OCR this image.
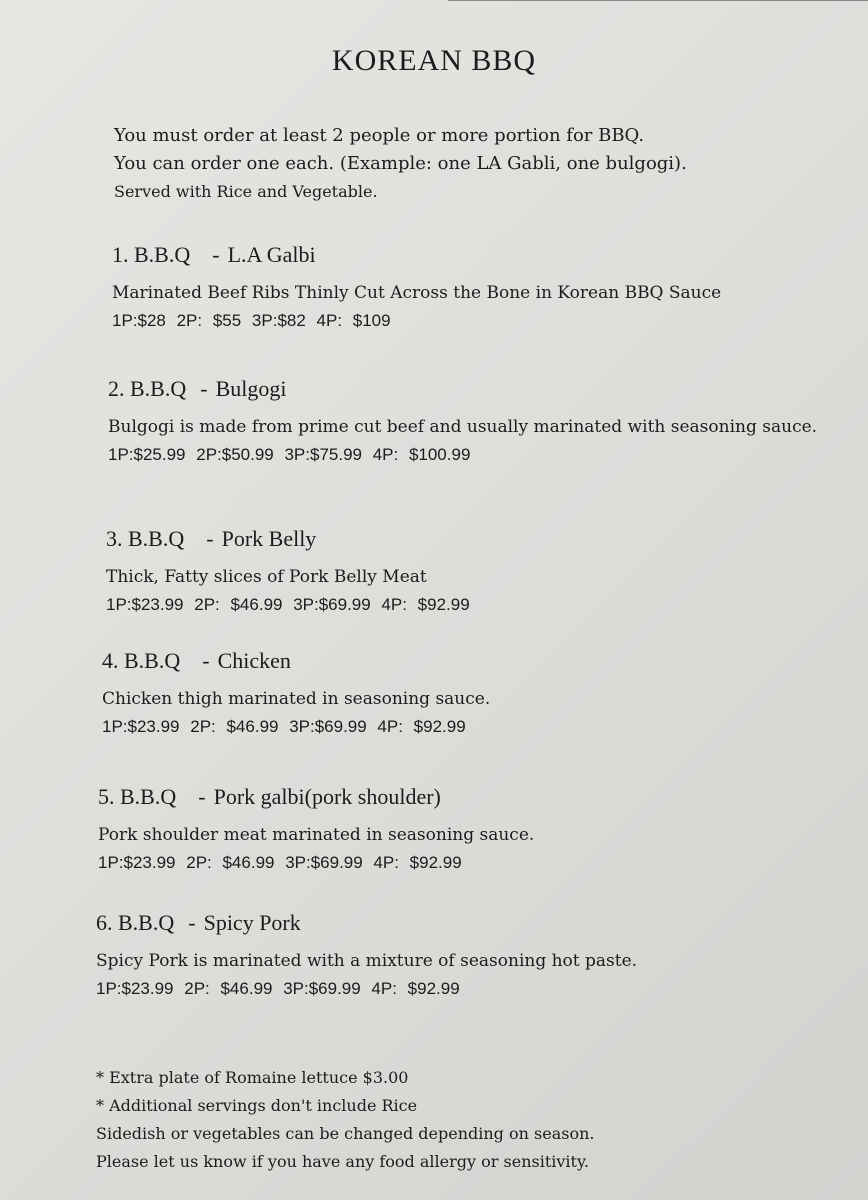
KOREAN BBQ
You must order at least 2 people or more portion for BBQ.
You can order one each. (Example: one LA Gabli, one bulgogi).
Served with Rice and Vegetable.
1. B.B.Q - L.A Galbi
Marinated Beef Ribs Thinly Cut Across the Bone in Korean BBQ Sauce
1P:$28 2P: $55 3P:$82 4P: $109
2. B.B.Q - Bulgogi
Bulgogi is made from prime cut beef and usually marinated with seasoning sauce.
1P:$25.99 2P:$50.99 3P:$75.99 4P: $100.99
3. B.B.Q - Pork Belly
Thick, Fatty slices of Pork Belly Meat
1P:$23.99 2P: $46.99 3P:$69.99 4P: $92.99
4. B.B.Q - Chicken
Chicken thigh marinated in seasoning sauce.
1P:$23.99 2P: $46.99 3P:$69.99 4P: $92.99
5. B.B.Q - Pork galbi(pork shoulder)
Pork shoulder meat marinated in seasoning sauce.
1P:$23.99 2P: $46.99 3P:$69.99 4P: $92.99
6. B.B.Q - Spicy Pork
Spicy Pork is marinated with a mixture of seasoning hot paste.
1P:$23.99 2P: $46.99 3P:$69.99 4P: $92.99
* Extra plate of Romaine lettuce $3.00
* Additional servings don't include Rice
Sidedish or vegetables can be changed depending on season.
Please let us know if you have any food allergy or sensitivity.
